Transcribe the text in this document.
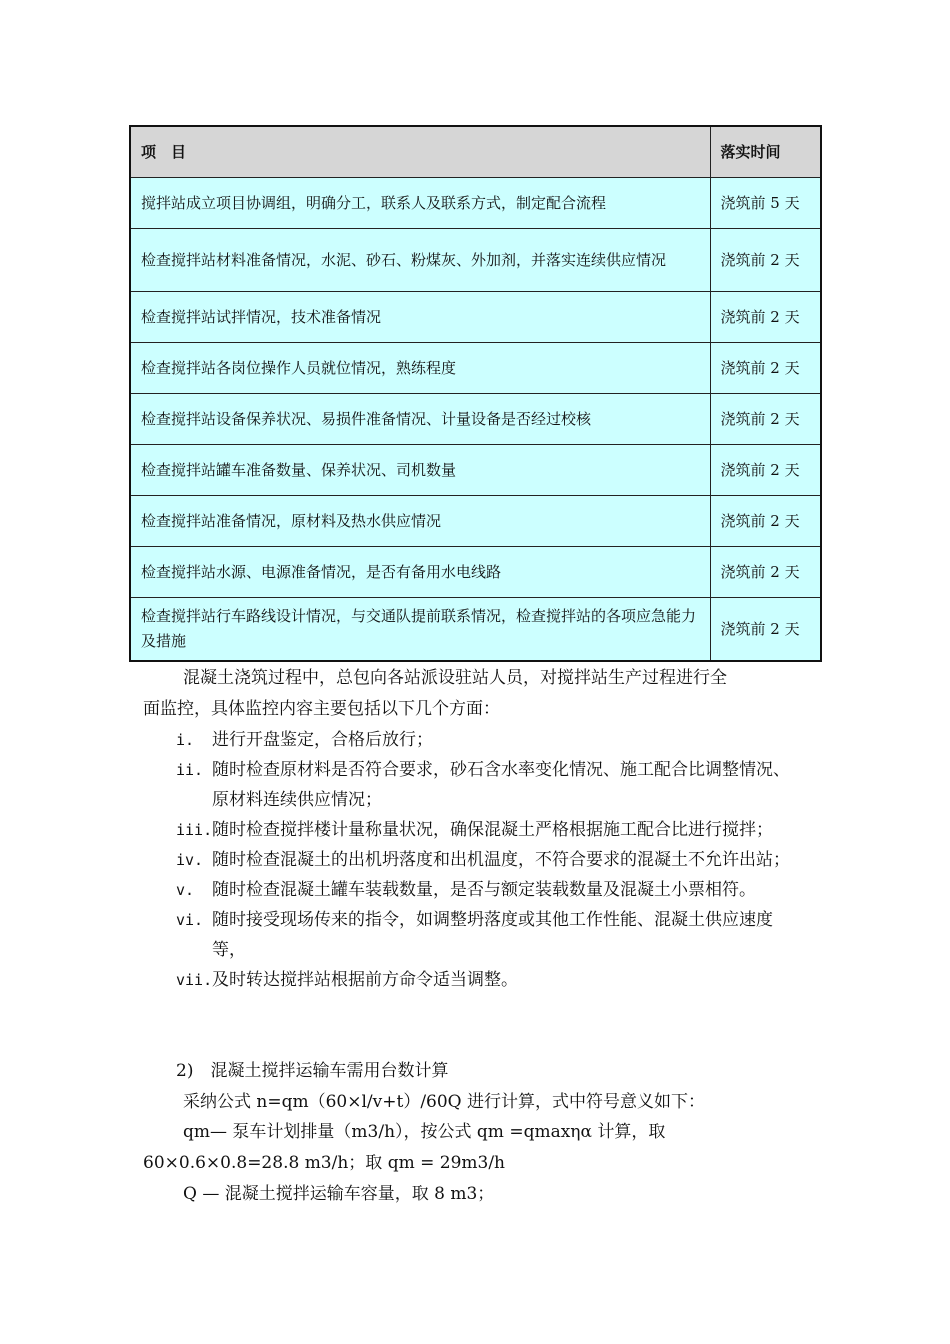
项　目	落实时间
搅拌站成立项目协调组，明确分工，联系人及联系方式，制定配合流程	浇筑前 5 天
检查搅拌站材料准备情况，水泥、砂石、粉煤灰、外加剂，并落实连续供应情况	浇筑前 2 天
检查搅拌站试拌情况，技术准备情况	浇筑前 2 天
检查搅拌站各岗位操作人员就位情况，熟练程度	浇筑前 2 天
检查搅拌站设备保养状况、易损件准备情况、计量设备是否经过校核	浇筑前 2 天
检查搅拌站罐车准备数量、保养状况、司机数量	浇筑前 2 天
检查搅拌站准备情况，原材料及热水供应情况	浇筑前 2 天
检查搅拌站水源、电源准备情况，是否有备用水电线路	浇筑前 2 天
检查搅拌站行车路线设计情况，与交通队提前联系情况，检查搅拌站的各项应急能力及措施	浇筑前 2 天

混凝土浇筑过程中，总包向各站派设驻站人员，对搅拌站生产过程进行全

面监控，具体监控内容主要包括以下几个方面：

i. 进行开盘鉴定，合格后放行；
ii. 随时检查原材料是否符合要求，砂石含水率变化情况、施工配合比调整情况、原材料连续供应情况；
iii. 随时检查搅拌楼计量称量状况，确保混凝土严格根据施工配合比进行搅拌；
iv. 随时检查混凝土的出机坍落度和出机温度，不符合要求的混凝土不允许出站；
v. 随时检查混凝土罐车装载数量，是否与额定装载数量及混凝土小票相符。
vi. 随时接受现场传来的指令，如调整坍落度或其他工作性能、混凝土供应速度等，
vii. 及时转达搅拌站根据前方命令适当调整。

2)　混凝土搅拌运输车需用台数计算

采纳公式 n=qm（60×l/v+t）/60Q 进行计算，式中符号意义如下：

qm— 泵车计划排量（m3/h），按公式 qm =qmaxηα 计算，取

60×0.6×0.8=28.8 m3/h；取 qm = 29m3/h

Q — 混凝土搅拌运输车容量，取 8 m3；
